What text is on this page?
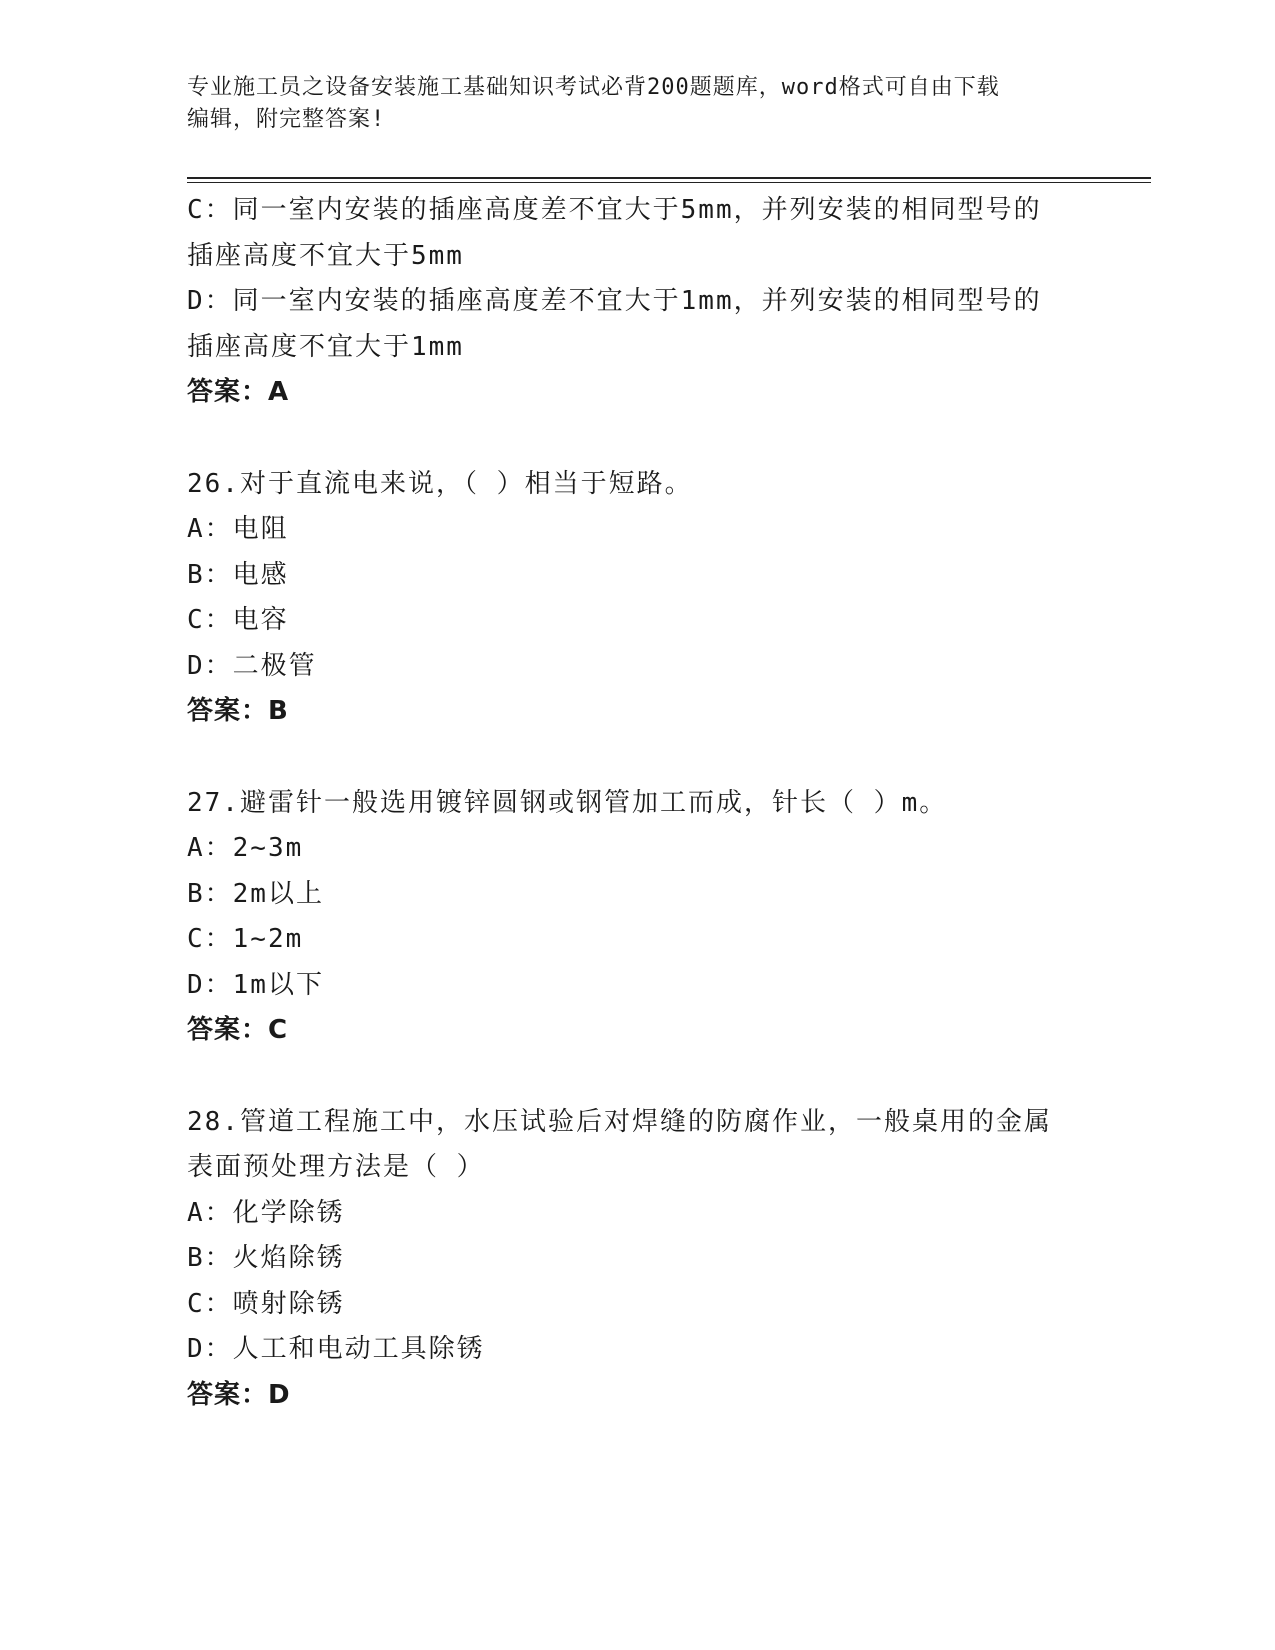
专业施工员之设备安装施工基础知识考试必背200题题库，word格式可自由下载
编辑，附完整答案!
C：同一室内安装的插座高度差不宜大于5mm，并列安装的相同型号的
插座高度不宜大于5mm
D：同一室内安装的插座高度差不宜大于1mm，并列安装的相同型号的
插座高度不宜大于1mm
答案：A
26.对于直流电来说，（ ）相当于短路。
A：电阻
B：电感
C：电容
D：二极管
答案：B
27.避雷针一般选用镀锌圆钢或钢管加工而成，针长（ ）m。
A：2~3m
B：2m以上
C：1~2m
D：1m以下
答案：C
28.管道工程施工中，水压试验后对焊缝的防腐作业，一般桌用的金属
表面预处理方法是（ ）
A：化学除锈
B：火焰除锈
C：喷射除锈
D：人工和电动工具除锈
答案：D
